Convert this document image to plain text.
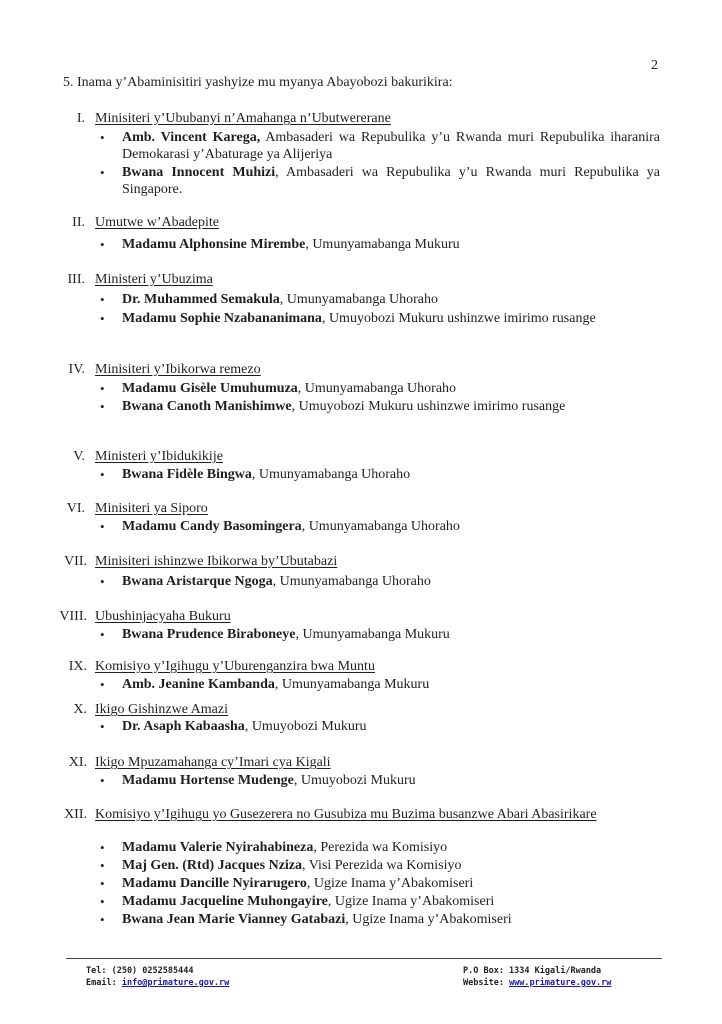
2
5. Inama y’Abaminisitiri yashyize mu myanya Abayobozi bakurikira:
I. Minisiteri y’Ububanyi n’Amahanga n’Ubutwererane
• Amb. Vincent Karega, Ambasaderi wa Repubulika y’u Rwanda muri Repubulika iharanira Demokarasi y’Abaturage ya Alijeriya
• Bwana Innocent Muhizi, Ambasaderi wa Repubulika y’u Rwanda muri Repubulika ya Singapore.
II. Umutwe w’Abadepite
• Madamu Alphonsine Mirembe, Umunyamabanga Mukuru
III. Ministeri y’Ubuzima
• Dr. Muhammed Semakula, Umunyamabanga Uhoraho
• Madamu Sophie Nzabananimana, Umuyobozi Mukuru ushinzwe imirimo rusange
IV. Minisiteri y’Ibikorwa remezo
• Madamu Gisèle Umuhumuza, Umunyamabanga Uhoraho
• Bwana Canoth Manishimwe, Umuyobozi Mukuru ushinzwe imirimo rusange
V. Ministeri y’Ibidukikije
• Bwana Fidèle Bingwa, Umunyamabanga Uhoraho
VI. Minisiteri ya Siporo
• Madamu Candy Basomingera, Umunyamabanga Uhoraho
VII. Minisiteri ishinzwe Ibikorwa by’Ubutabazi
• Bwana Aristarque Ngoga, Umunyamabanga Uhoraho
VIII. Ubushinjacyaha Bukuru
• Bwana Prudence Biraboneye, Umunyamabanga Mukuru
IX. Komisiyo y’Igihugu y’Uburenganzira bwa Muntu
• Amb. Jeanine Kambanda, Umunyamabanga Mukuru
X. Ikigo Gishinzwe Amazi
• Dr. Asaph Kabaasha, Umuyobozi Mukuru
XI. Ikigo Mpuzamahanga cy’Imari cya Kigali
• Madamu Hortense Mudenge, Umuyobozi Mukuru
XII. Komisiyo y’Igihugu yo Gusezerera no Gusubiza mu Buzima busanzwe Abari Abasirikare
• Madamu Valerie Nyirahabineza, Perezida wa Komisiyo
• Maj Gen. (Rtd) Jacques Nziza, Visi Perezida wa Komisiyo
• Madamu Dancille Nyirarugero, Ugize Inama y’Abakomiseri
• Madamu Jacqueline Muhongayire, Ugize Inama y’Abakomiseri
• Bwana Jean Marie Vianney Gatabazi, Ugize Inama y’Abakomiseri
Tel: (250) 0252585444
Email: info@primature.gov.rw
P.O Box: 1334 Kigali/Rwanda
Website: www.primature.gov.rw
